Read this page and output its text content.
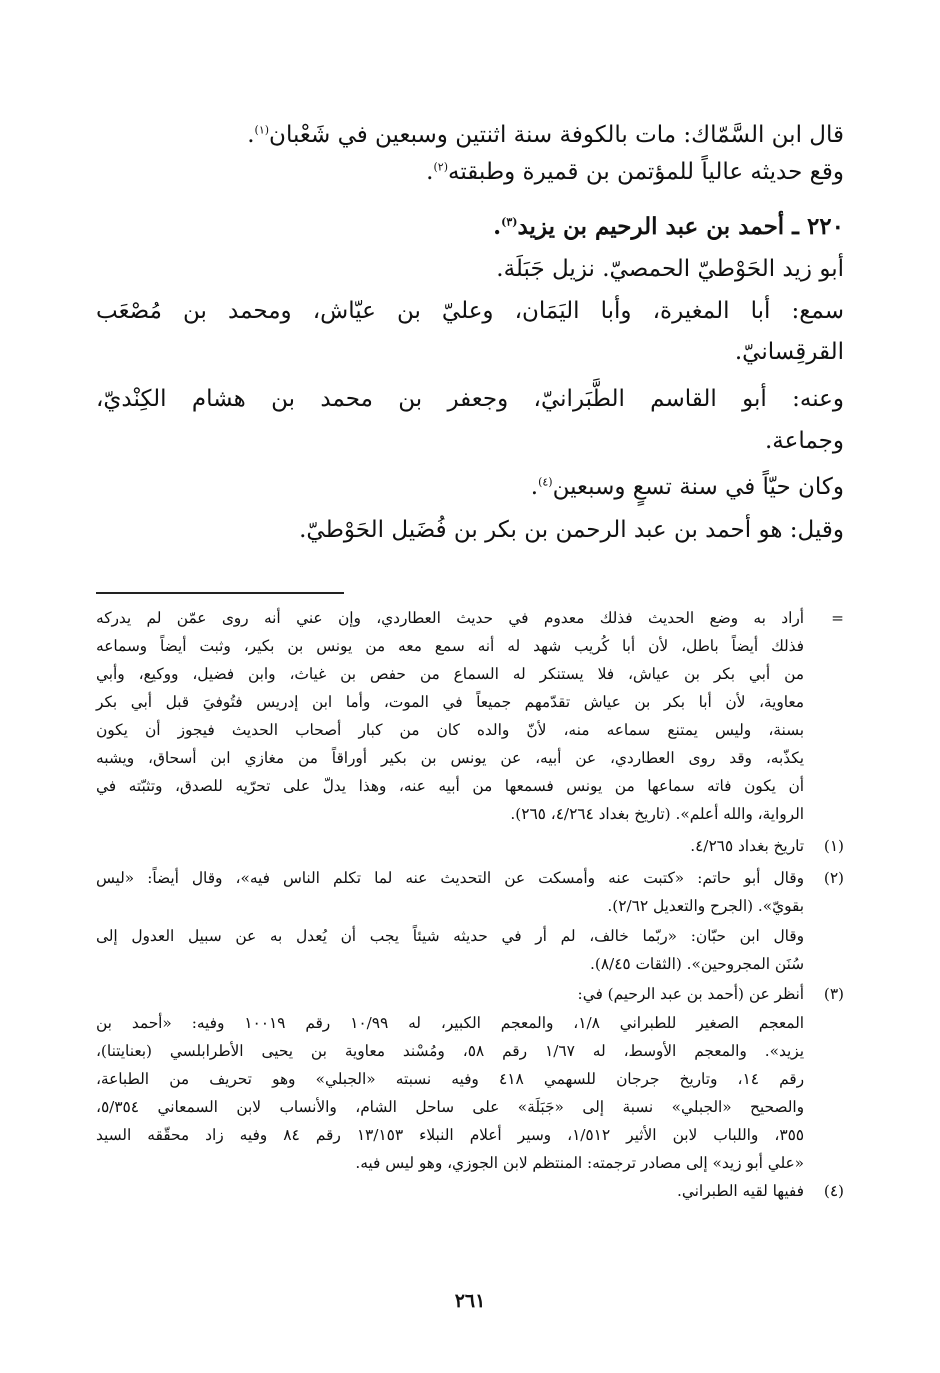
قال ابن السَّمّاك: مات بالكوفة سنة اثنتين وسبعين في شَعْبان$^{(١)}$.
وقع حديثه عالياً للمؤتمن بن قميرة وطبقته$^{(٢)}$.
٢٢٠ ـ أحمد بن عبد الرحيم بن يزيد$^{(٣)}$.
أبو زيد الحَوْطيّ الحمصيّ. نزيل جَبَلَة.
سمع: أبا المغيرة، وأبا اليَمَان، وعليّ بن عيّاش، ومحمد بن مُصْعَب
القرقِسانيّ.
وعنه: أبو القاسم الطَّبَرانيّ، وجعفر بن محمد بن هشام الكِنْديّ،
وجماعة.
وكان حيّاً في سنة تسعٍ وسبعين$^{(٤)}$.
وقيل: هو أحمد بن عبد الرحمن بن بكر بن فُضَيل الحَوْطيّ.
=
أراد به وضع الحديث فذلك معدوم في حديث العطاردي، وإن عني أنه روى عمّن لم يدركه
فذلك أيضاً باطل، لأن أبا كُريب شهد له أنه سمع معه من يونس بن بكير، وثبت أيضاً وسماعه
من أبي بكر بن عياش، فلا يستنكر له السماع من حفص بن غياث، وابن فضيل، ووكيع، وأبي
معاوية، لأن أبا بكر بن عياش تقدّمهم جميعاً في الموت، وأما ابن إدريس فتُوفيَ قبل أبي بكر
بسنة، وليس يمتنع سماعه منه، لأنّ والده كان من كبار أصحاب الحديث فيجوز أن يكون
يكذّبه، وقد روى العطاردي، عن أبيه، عن يونس بن بكير أوراقاً من مغازي ابن أسحاق، ويشبه
أن يكون فاته سماعها من يونس فسمعها من أبيه عنه، وهذا يدلّ على تحرّيه للصدق، وتثبّته في
الرواية، والله أعلم». (تاريخ بغداد ٤/٢٦٤، ٢٦٥).
(١)
تاريخ بغداد ٤/٢٦٥.
(٢)
وقال أبو حاتم: «كتبت عنه وأمسكت عن التحديث عنه لما تكلم الناس فيه»، وقال أيضاً: «ليس
بقويّ». (الجرح والتعديل ٢/٦٢).
وقال ابن حبّان: «ربّما خالف، لم أر في حديثه شيئاً يجب أن يُعدل به عن سبيل العدول إلى
سُنَن المجروحين». (الثقات ٨/٤٥).
(٣)
أنظر عن (أحمد بن عبد الرحيم) في:
المعجم الصغير للطبراني ١/٨، والمعجم الكبير، له ١٠/٩٩ رقم ١٠٠١٩ وفيه: «أحمد بن
يزيد». والمعجم الأوسط، له ١/٦٧ رقم ٥٨، ومُسْند معاوية بن يحيى الأطرابلسي (بعنايتنا)،
رقم ١٤، وتاريخ جرجان للسهمي ٤١٨ وفيه نسبته «الجبلي» وهو تحريف من الطباعة،
والصحيح «الجبلي» نسبة إلى «جَبَلَة» على ساحل الشام، والأنساب لابن السمعاني ٥/٣٥٤،
٣٥٥، واللباب لابن الأثير ١/٥١٢، وسير أعلام النبلاء ١٣/١٥٣ رقم ٨٤ وفيه زاد محقّقه السيد
«علي أبو زيد» إلى مصادر ترجمته: المنتظم لابن الجوزي، وهو ليس فيه.
(٤)
ففيها لقيه الطبراني.
٢٦١
